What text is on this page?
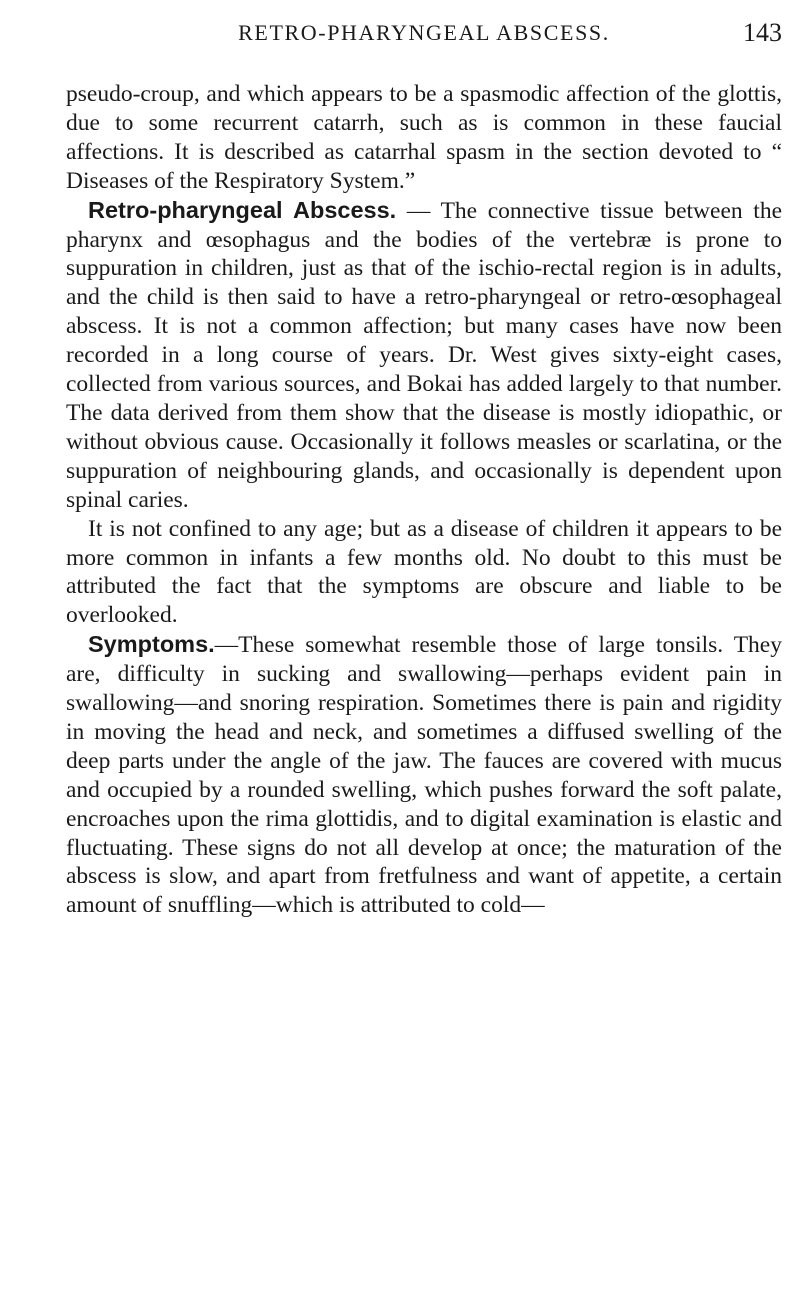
RETRO-PHARYNGEAL ABSCESS.	143

pseudo-croup, and which appears to be a spasmodic affection of the glottis, due to some recurrent catarrh, such as is common in these faucial affections. It is described as catarrhal spasm in the section devoted to “ Diseases of the Respiratory System.”

Retro-pharyngeal Abscess. — The connective tissue between the pharynx and œsophagus and the bodies of the vertebræ is prone to suppuration in children, just as that of the ischio-rectal region is in adults, and the child is then said to have a retro-pharyngeal or retro-œsophageal abscess. It is not a common affection; but many cases have now been recorded in a long course of years. Dr. West gives sixty-eight cases, collected from various sources, and Bokai has added largely to that number. The data derived from them show that the disease is mostly idiopathic, or without obvious cause. Occasionally it follows measles or scarlatina, or the suppuration of neighbouring glands, and occasionally is dependent upon spinal caries.

It is not confined to any age; but as a disease of children it appears to be more common in infants a few months old. No doubt to this must be attributed the fact that the symptoms are obscure and liable to be overlooked.

Symptoms.—These somewhat resemble those of large tonsils. They are, difficulty in sucking and swallowing—perhaps evident pain in swallowing—and snoring respiration. Sometimes there is pain and rigidity in moving the head and neck, and sometimes a diffused swelling of the deep parts under the angle of the jaw. The fauces are covered with mucus and occupied by a rounded swelling, which pushes forward the soft palate, encroaches upon the rima glottidis, and to digital examination is elastic and fluctuating. These signs do not all develop at once; the maturation of the abscess is slow, and apart from fretfulness and want of appetite, a certain amount of snuffling—which is attributed to cold—
